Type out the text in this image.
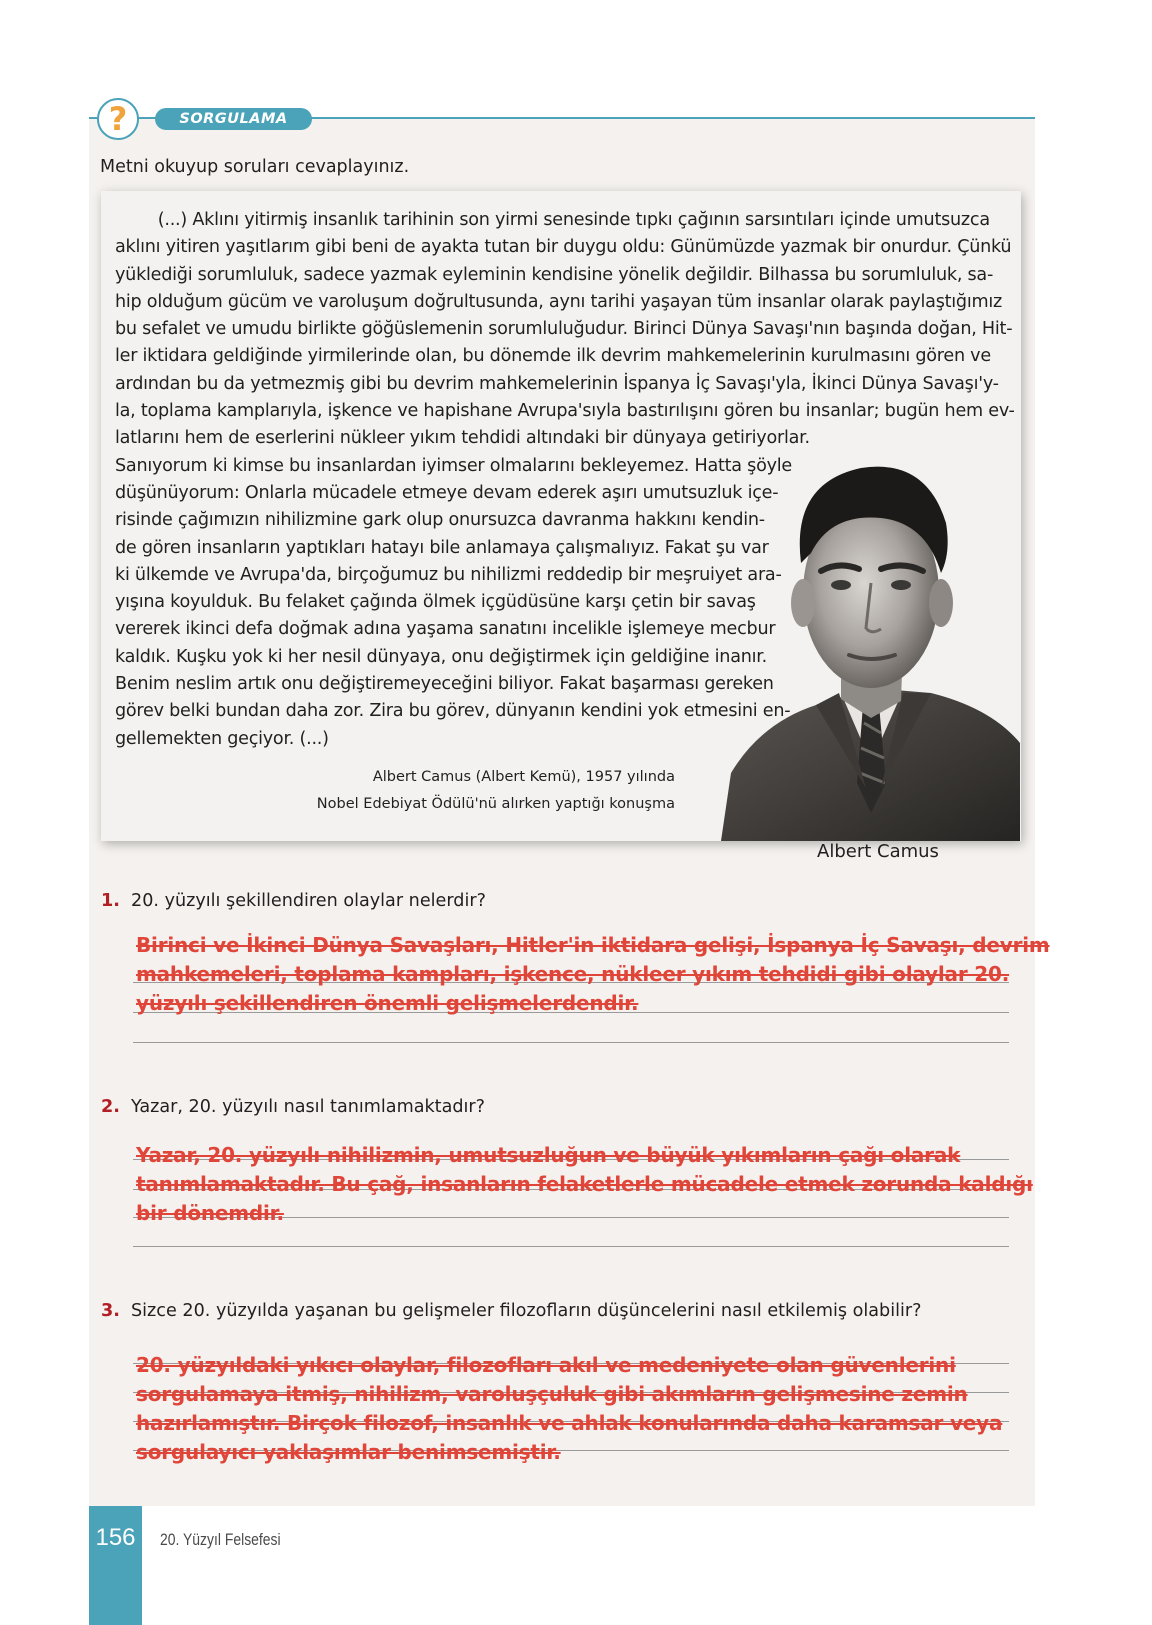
?	SORGULAMA
Metni okuyup soruları cevaplayınız.
(...) Aklını yitirmiş insanlık tarihinin son yirmi senesinde tıpkı çağının sarsıntıları içinde umutsuzca
aklını yitiren yaşıtlarım gibi beni de ayakta tutan bir duygu oldu: Günümüzde yazmak bir onurdur. Çünkü
yüklediği sorumluluk, sadece yazmak eyleminin kendisine yönelik değildir. Bilhassa bu sorumluluk, sa-
hip olduğum gücüm ve varoluşum doğrultusunda, aynı tarihi yaşayan tüm insanlar olarak paylaştığımız
bu sefalet ve umudu birlikte göğüslemenin sorumluluğudur. Birinci Dünya Savaşı'nın başında doğan, Hit-
ler iktidara geldiğinde yirmilerinde olan, bu dönemde ilk devrim mahkemelerinin kurulmasını gören ve
ardından bu da yetmezmiş gibi bu devrim mahkemelerinin İspanya İç Savaşı'yla, İkinci Dünya Savaşı'y-
la, toplama kamplarıyla, işkence ve hapishane Avrupa'sıyla bastırılışını gören bu insanlar; bugün hem ev-
latlarını hem de eserlerini nükleer yıkım tehdidi altındaki bir dünyaya getiriyorlar.
Sanıyorum ki kimse bu insanlardan iyimser olmalarını bekleyemez. Hatta şöyle
düşünüyorum: Onlarla mücadele etmeye devam ederek aşırı umutsuzluk içe-
risinde çağımızın nihilizmine gark olup onursuzca davranma hakkını kendin-
de gören insanların yaptıkları hatayı bile anlamaya çalışmalıyız. Fakat şu var
ki ülkemde ve Avrupa'da, birçoğumuz bu nihilizmi reddedip bir meşruiyet ara-
yışına koyulduk. Bu felaket çağında ölmek içgüdüsüne karşı çetin bir savaş
vererek ikinci defa doğmak adına yaşama sanatını incelikle işlemeye mecbur
kaldık. Kuşku yok ki her nesil dünyaya, onu değiştirmek için geldiğine inanır.
Benim neslim artık onu değiştiremeyeceğini biliyor. Fakat başarması gereken
görev belki bundan daha zor. Zira bu görev, dünyanın kendini yok etmesini en-
gellemekten geçiyor. (...)
Albert Camus (Albert Kemü), 1957 yılında
Nobel Edebiyat Ödülü'nü alırken yaptığı konuşma
Albert Camus
1. 20. yüzyılı şekillendiren olaylar nelerdir?
Birinci ve İkinci Dünya Savaşları, Hitler'in iktidara gelişi, İspanya İç Savaşı, devrim
mahkemeleri, toplama kampları, işkence, nükleer yıkım tehdidi gibi olaylar 20.
yüzyılı şekillendiren önemli gelişmelerdendir.
2. Yazar, 20. yüzyılı nasıl tanımlamaktadır?
Yazar, 20. yüzyılı nihilizmin, umutsuzluğun ve büyük yıkımların çağı olarak
tanımlamaktadır. Bu çağ, insanların felaketlerle mücadele etmek zorunda kaldığı
bir dönemdir.
3. Sizce 20. yüzyılda yaşanan bu gelişmeler filozofların düşüncelerini nasıl etkilemiş olabilir?
20. yüzyıldaki yıkıcı olaylar, filozofları akıl ve medeniyete olan güvenlerini
sorgulamaya itmiş, nihilizm, varoluşçuluk gibi akımların gelişmesine zemin
hazırlamıştır. Birçok filozof, insanlık ve ahlak konularında daha karamsar veya
sorgulayıcı yaklaşımlar benimsemiştir.
156	20. Yüzyıl Felsefesi
